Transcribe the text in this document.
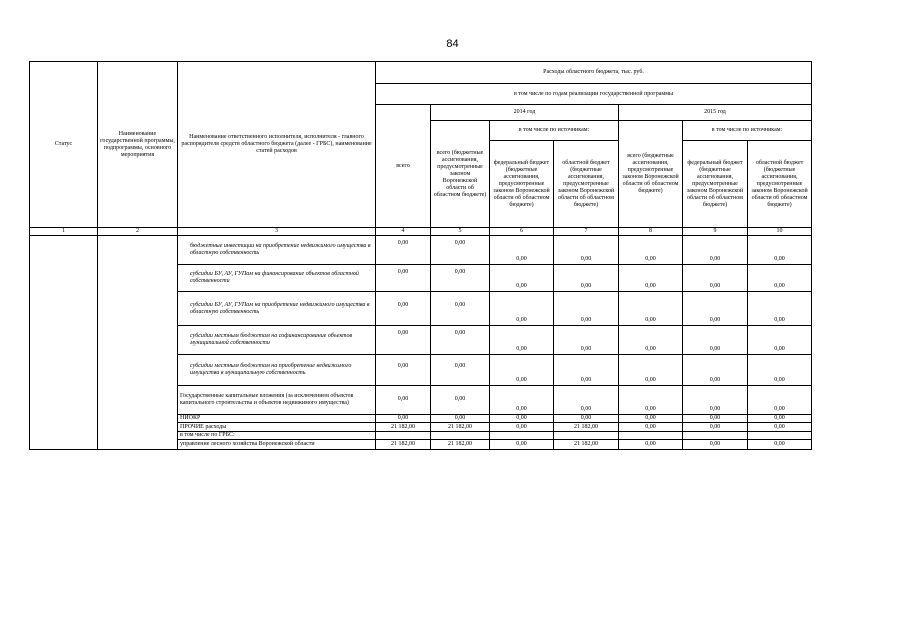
84
Статус	Наименование государственной программы, подпрограммы, основного мероприятия	Наименование ответственного исполнителя, исполнителя - главного распорядителя средств областного бюджета (далее - ГРБС), наименование статей расходов	Расходы областного бюджета, тыс. руб.						
			в том числе по годам реализации государственной программы						
			всего	2014 год			2015 год		
				всего (бюджетные ассигнования, предусмотренные законом Воронежской области об областном бюджете)	в том числе по источникам:		всего (бюджетные ассигнования, предусмотренные законом Воронежской области об областном бюджете)	в том числе по источникам:	
					федеральный бюджет (бюджетные ассигнования, предусмотренные законом Воронежской области об областном бюджете)	областной бюджет (бюджетные ассигнования, предусмотренные законом Воронежской области об областном бюджете)		федеральный бюджет (бюджетные ассигнования, предусмотренные законом Воронежской области об областном бюджете)	областной бюджет (бюджетные ассигнования, предусмотренные законом Воронежской области об областном бюджете)
1	2	3	4	5	6	7	8	9	10
		бюджетные инвестиции на приобретение недвижимого имущества в областную собственность	0,00	0,00	0,00	0,00	0,00	0,00	0,00
		субсидии БУ, АУ, ГУПам на финансирование объектов областной собственности	0,00	0,00	0,00	0,00	0,00	0,00	0,00
		субсидии БУ, АУ, ГУПам на приобретение недвижимого имущества в областную собственность	0,00	0,00	0,00	0,00	0,00	0,00	0,00
		субсидии местным бюджетам на софинансирование объектов муниципальной собственности	0,00	0,00	0,00	0,00	0,00	0,00	0,00
		субсидии местным бюджетам на приобретение недвижимого имущества в муниципальную собственность	0,00	0,00	0,00	0,00	0,00	0,00	0,00
		Государственные капитальные вложения (за исключением объектов капитального строительства и объектов недвижимого имущества)	0,00	0,00	0,00	0,00	0,00	0,00	0,00
		НИОКР	0,00	0,00	0,00	0,00	0,00	0,00	0,00
		ПРОЧИЕ расходы	21 182,00	21 182,00	0,00	21 182,00	0,00	0,00	0,00
		в том числе по ГРБС:							
		управление лесного хозяйства Воронежской области	21 182,00	21 182,00	0,00	21 182,00	0,00	0,00	0,00
